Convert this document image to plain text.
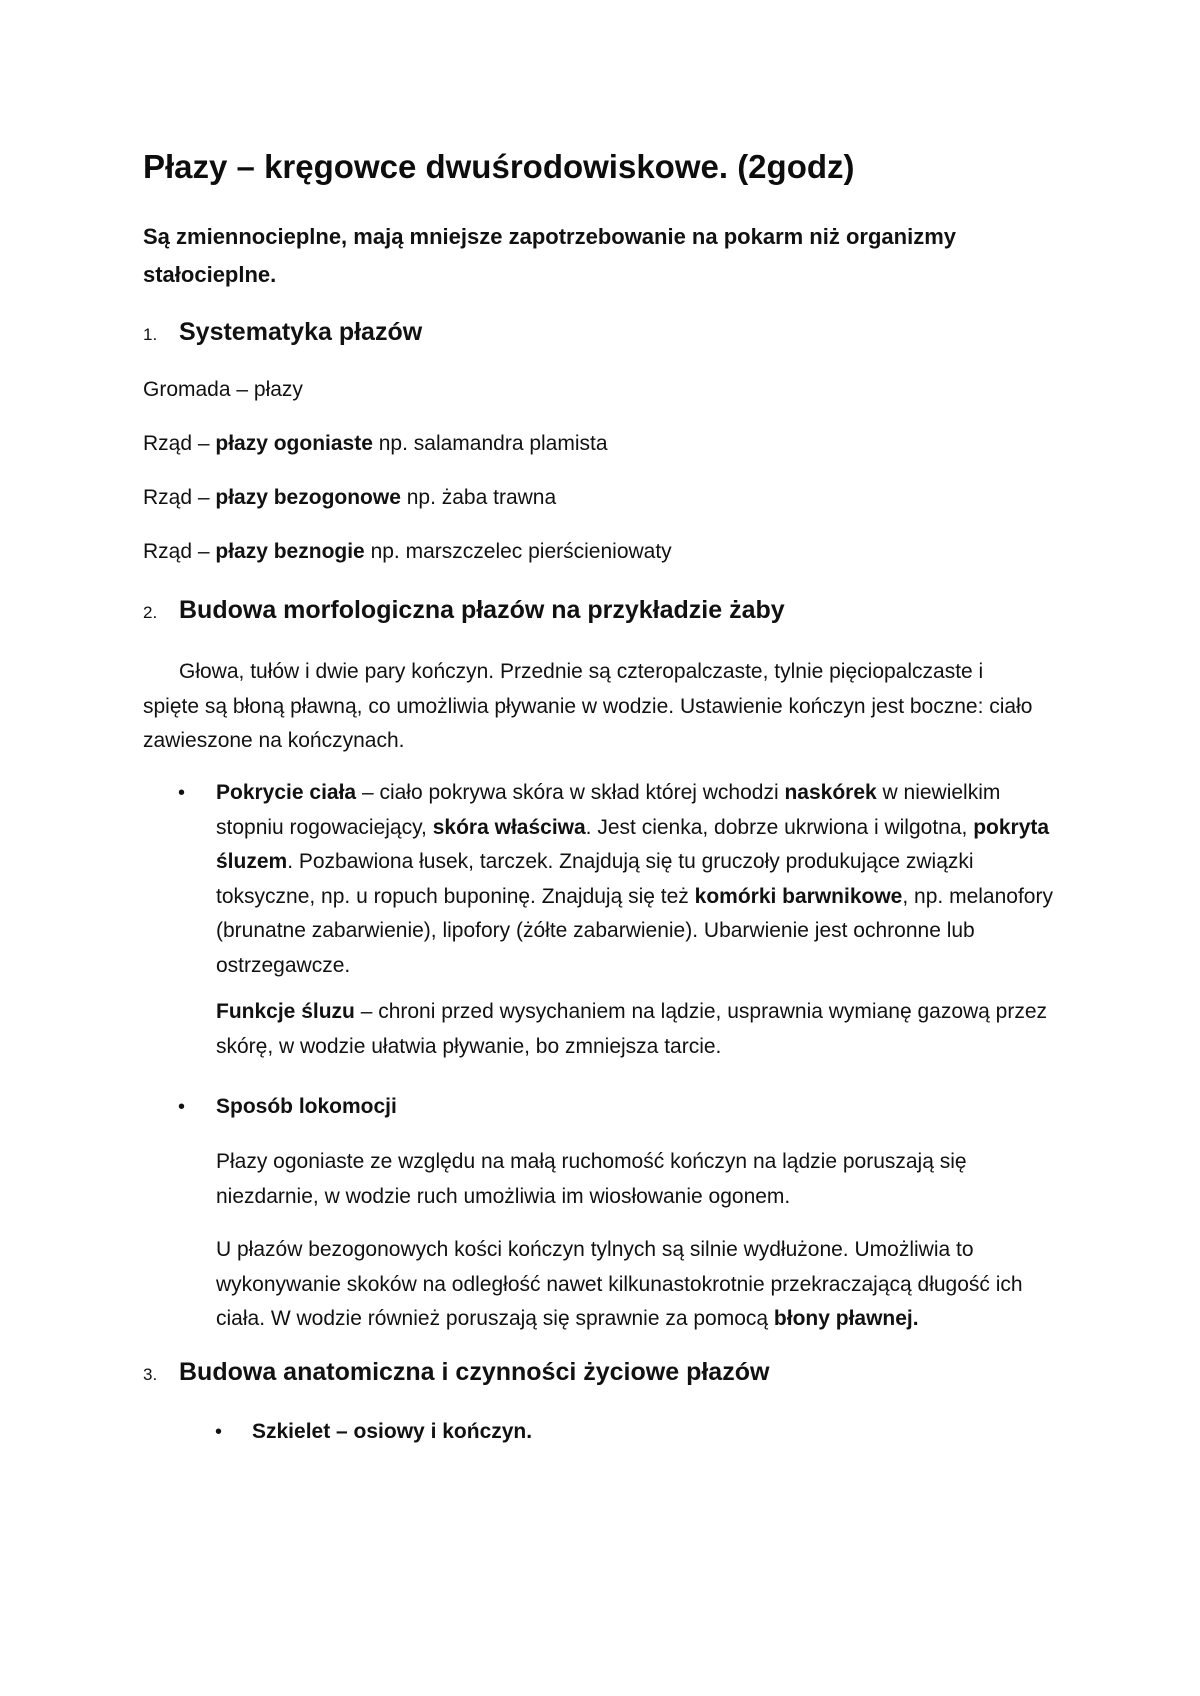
Płazy – kręgowce dwuśrodowiskowe. (2godz)

Są zmiennocieplne, mają mniejsze zapotrzebowanie na pokarm niż organizmy stałocieplne.

1. Systematyka płazów
Gromada – płazy
Rząd – płazy ogoniaste np. salamandra plamista
Rząd – płazy bezogonowe np. żaba trawna
Rząd – płazy beznogie np. marszczelec pierścieniowaty
2. Budowa morfologiczna płazów na przykładzie żaby

Głowa, tułów i dwie pary kończyn. Przednie są czteropalczaste, tylnie pięciopalczaste i spięte są błoną pławną, co umożliwia pływanie w wodzie. Ustawienie kończyn jest boczne: ciało zawieszone na kończynach.

• Pokrycie ciała – ciało pokrywa skóra w skład której wchodzi naskórek w niewielkim stopniu rogowaciejący, skóra właściwa. Jest cienka, dobrze ukrwiona i wilgotna, pokryta śluzem. Pozbawiona łusek, tarczek. Znajdują się tu gruczoły produkujące związki toksyczne, np. u ropuch buponinę. Znajdują się też komórki barwnikowe, np. melanofory (brunatne zabarwienie), lipofory (żółte zabarwienie). Ubarwienie jest ochronne lub ostrzegawcze.

Funkcje śluzu – chroni przed wysychaniem na lądzie, usprawnia wymianę gazową przez skórę, w wodzie ułatwia pływanie, bo zmniejsza tarcie.

• Sposób lokomocji

Płazy ogoniaste ze względu na małą ruchomość kończyn na lądzie poruszają się niezdarnie, w wodzie ruch umożliwia im wiosłowanie ogonem.

U płazów bezogonowych kości kończyn tylnych są silnie wydłużone. Umożliwia to wykonywanie skoków na odległość nawet kilkunastokrotnie przekraczającą długość ich ciała. W wodzie również poruszają się sprawnie za pomocą błony pławnej.

3. Budowa anatomiczna i czynności życiowe płazów
• Szkielet – osiowy i kończyn.
